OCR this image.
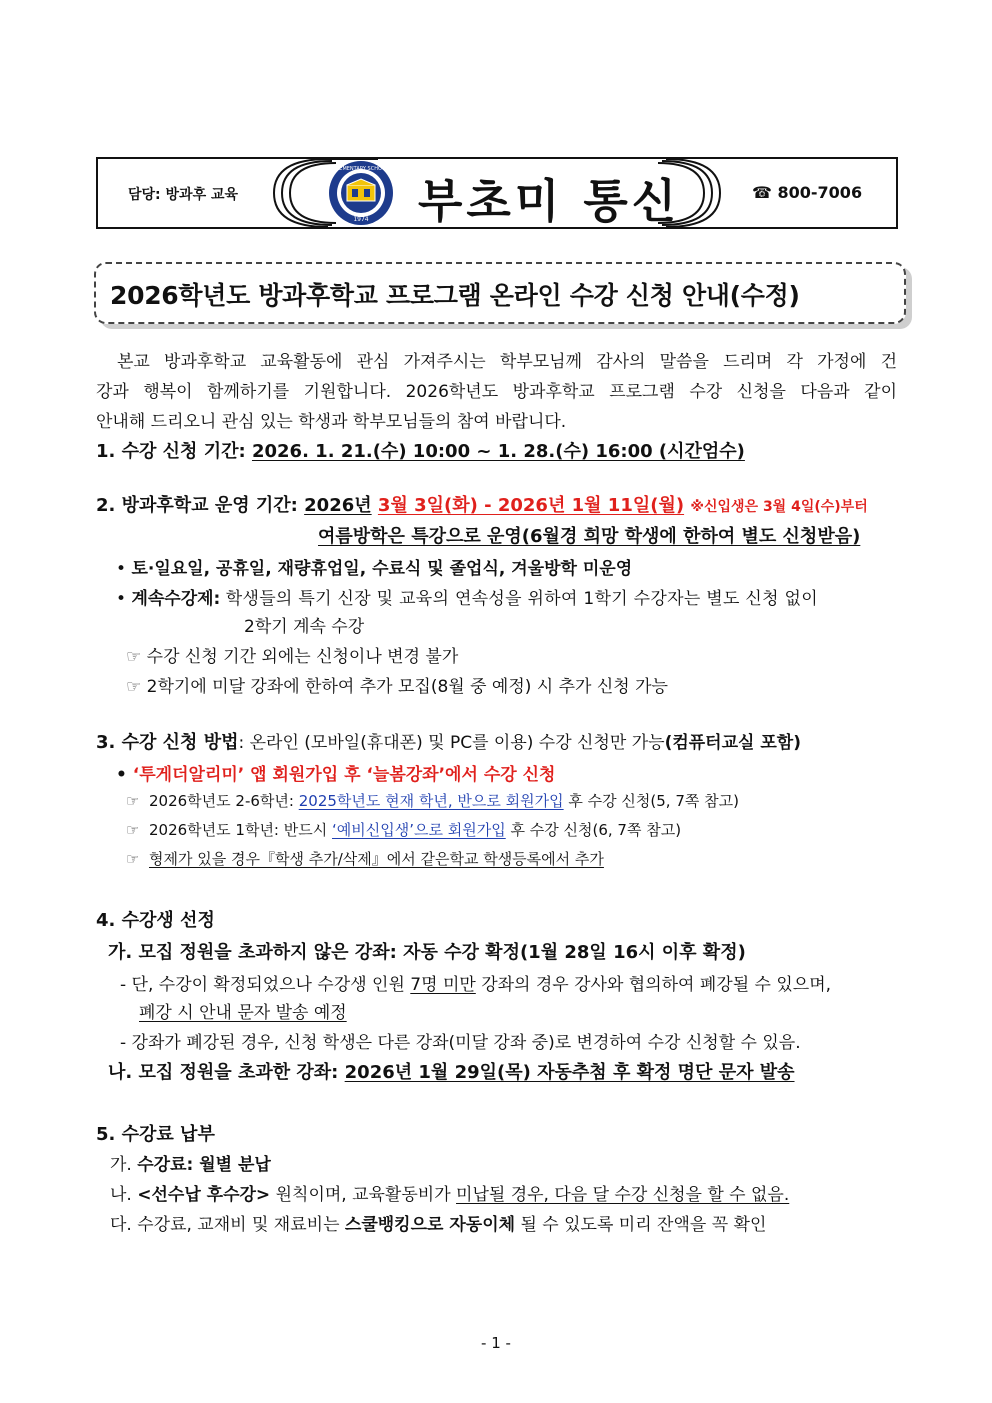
담당: 방과후 교육
1974
ELEMENTARY SCHOOL
부초미 통신	☎ 800-7006
2026학년도 방과후학교 프로그램 온라인 수강 신청 안내(수정)
본교 방과후학교 교육활동에 관심 가져주시는 학부모님께 감사의 말씀을 드리며 각 가정에 건
강과 행복이 함께하기를 기원합니다. 2026학년도 방과후학교 프로그램 수강 신청을 다음과 같이
안내해 드리오니 관심 있는 학생과 학부모님들의 참여 바랍니다.
1. 수강 신청 기간: 2026. 1. 21.(수) 10:00 ~ 1. 28.(수) 16:00 (시간엄수)
2. 방과후학교 운영 기간: 2026년 3월 3일(화) - 2026년 1월 11일(월) ※신입생은 3월 4일(수)부터
여름방학은 특강으로 운영(6월경 희망 학생에 한하여 별도 신청받음)
• 토·일요일, 공휴일, 재량휴업일, 수료식 및 졸업식, 겨울방학 미운영
• 계속수강제: 학생들의 특기 신장 및 교육의 연속성을 위하여 1학기 수강자는 별도 신청 없이
2학기 계속 수강
☞ 수강 신청 기간 외에는 신청이나 변경 불가
☞ 2학기에 미달 강좌에 한하여 추가 모집(8월 중 예정) 시 추가 신청 가능
3. 수강 신청 방법: 온라인 (모바일(휴대폰) 및 PC를 이용) 수강 신청만 가능(컴퓨터교실 포함)
• ‘투게더알리미’ 앱 회원가입 후 ‘늘봄강좌’에서 수강 신청
☞ 2026학년도 2-6학년: 2025학년도 현재 학년, 반으로 회원가입 후 수강 신청(5, 7쪽 참고)
☞ 2026학년도 1학년: 반드시 ‘예비신입생’으로 회원가입 후 수강 신청(6, 7쪽 참고)
☞ 형제가 있을 경우『학생 추가/삭제』에서 같은학교 학생등록에서 추가
4. 수강생 선정
가. 모집 정원을 초과하지 않은 강좌: 자동 수강 확정(1월 28일 16시 이후 확정)
- 단, 수강이 확정되었으나 수강생 인원 7명 미만 강좌의 경우 강사와 협의하여 폐강될 수 있으며,
폐강 시 안내 문자 발송 예정
- 강좌가 폐강된 경우, 신청 학생은 다른 강좌(미달 강좌 중)로 변경하여 수강 신청할 수 있음.
나. 모집 정원을 초과한 강좌: 2026년 1월 29일(목) 자동추첨 후 확정 명단 문자 발송
5. 수강료 납부
가. 수강료: 월별 분납
나. <선수납 후수강> 원칙이며, 교육활동비가 미납될 경우, 다음 달 수강 신청을 할 수 없음.
다. 수강료, 교재비 및 재료비는 스쿨뱅킹으로 자동이체 될 수 있도록 미리 잔액을 꼭 확인
- 1 -
